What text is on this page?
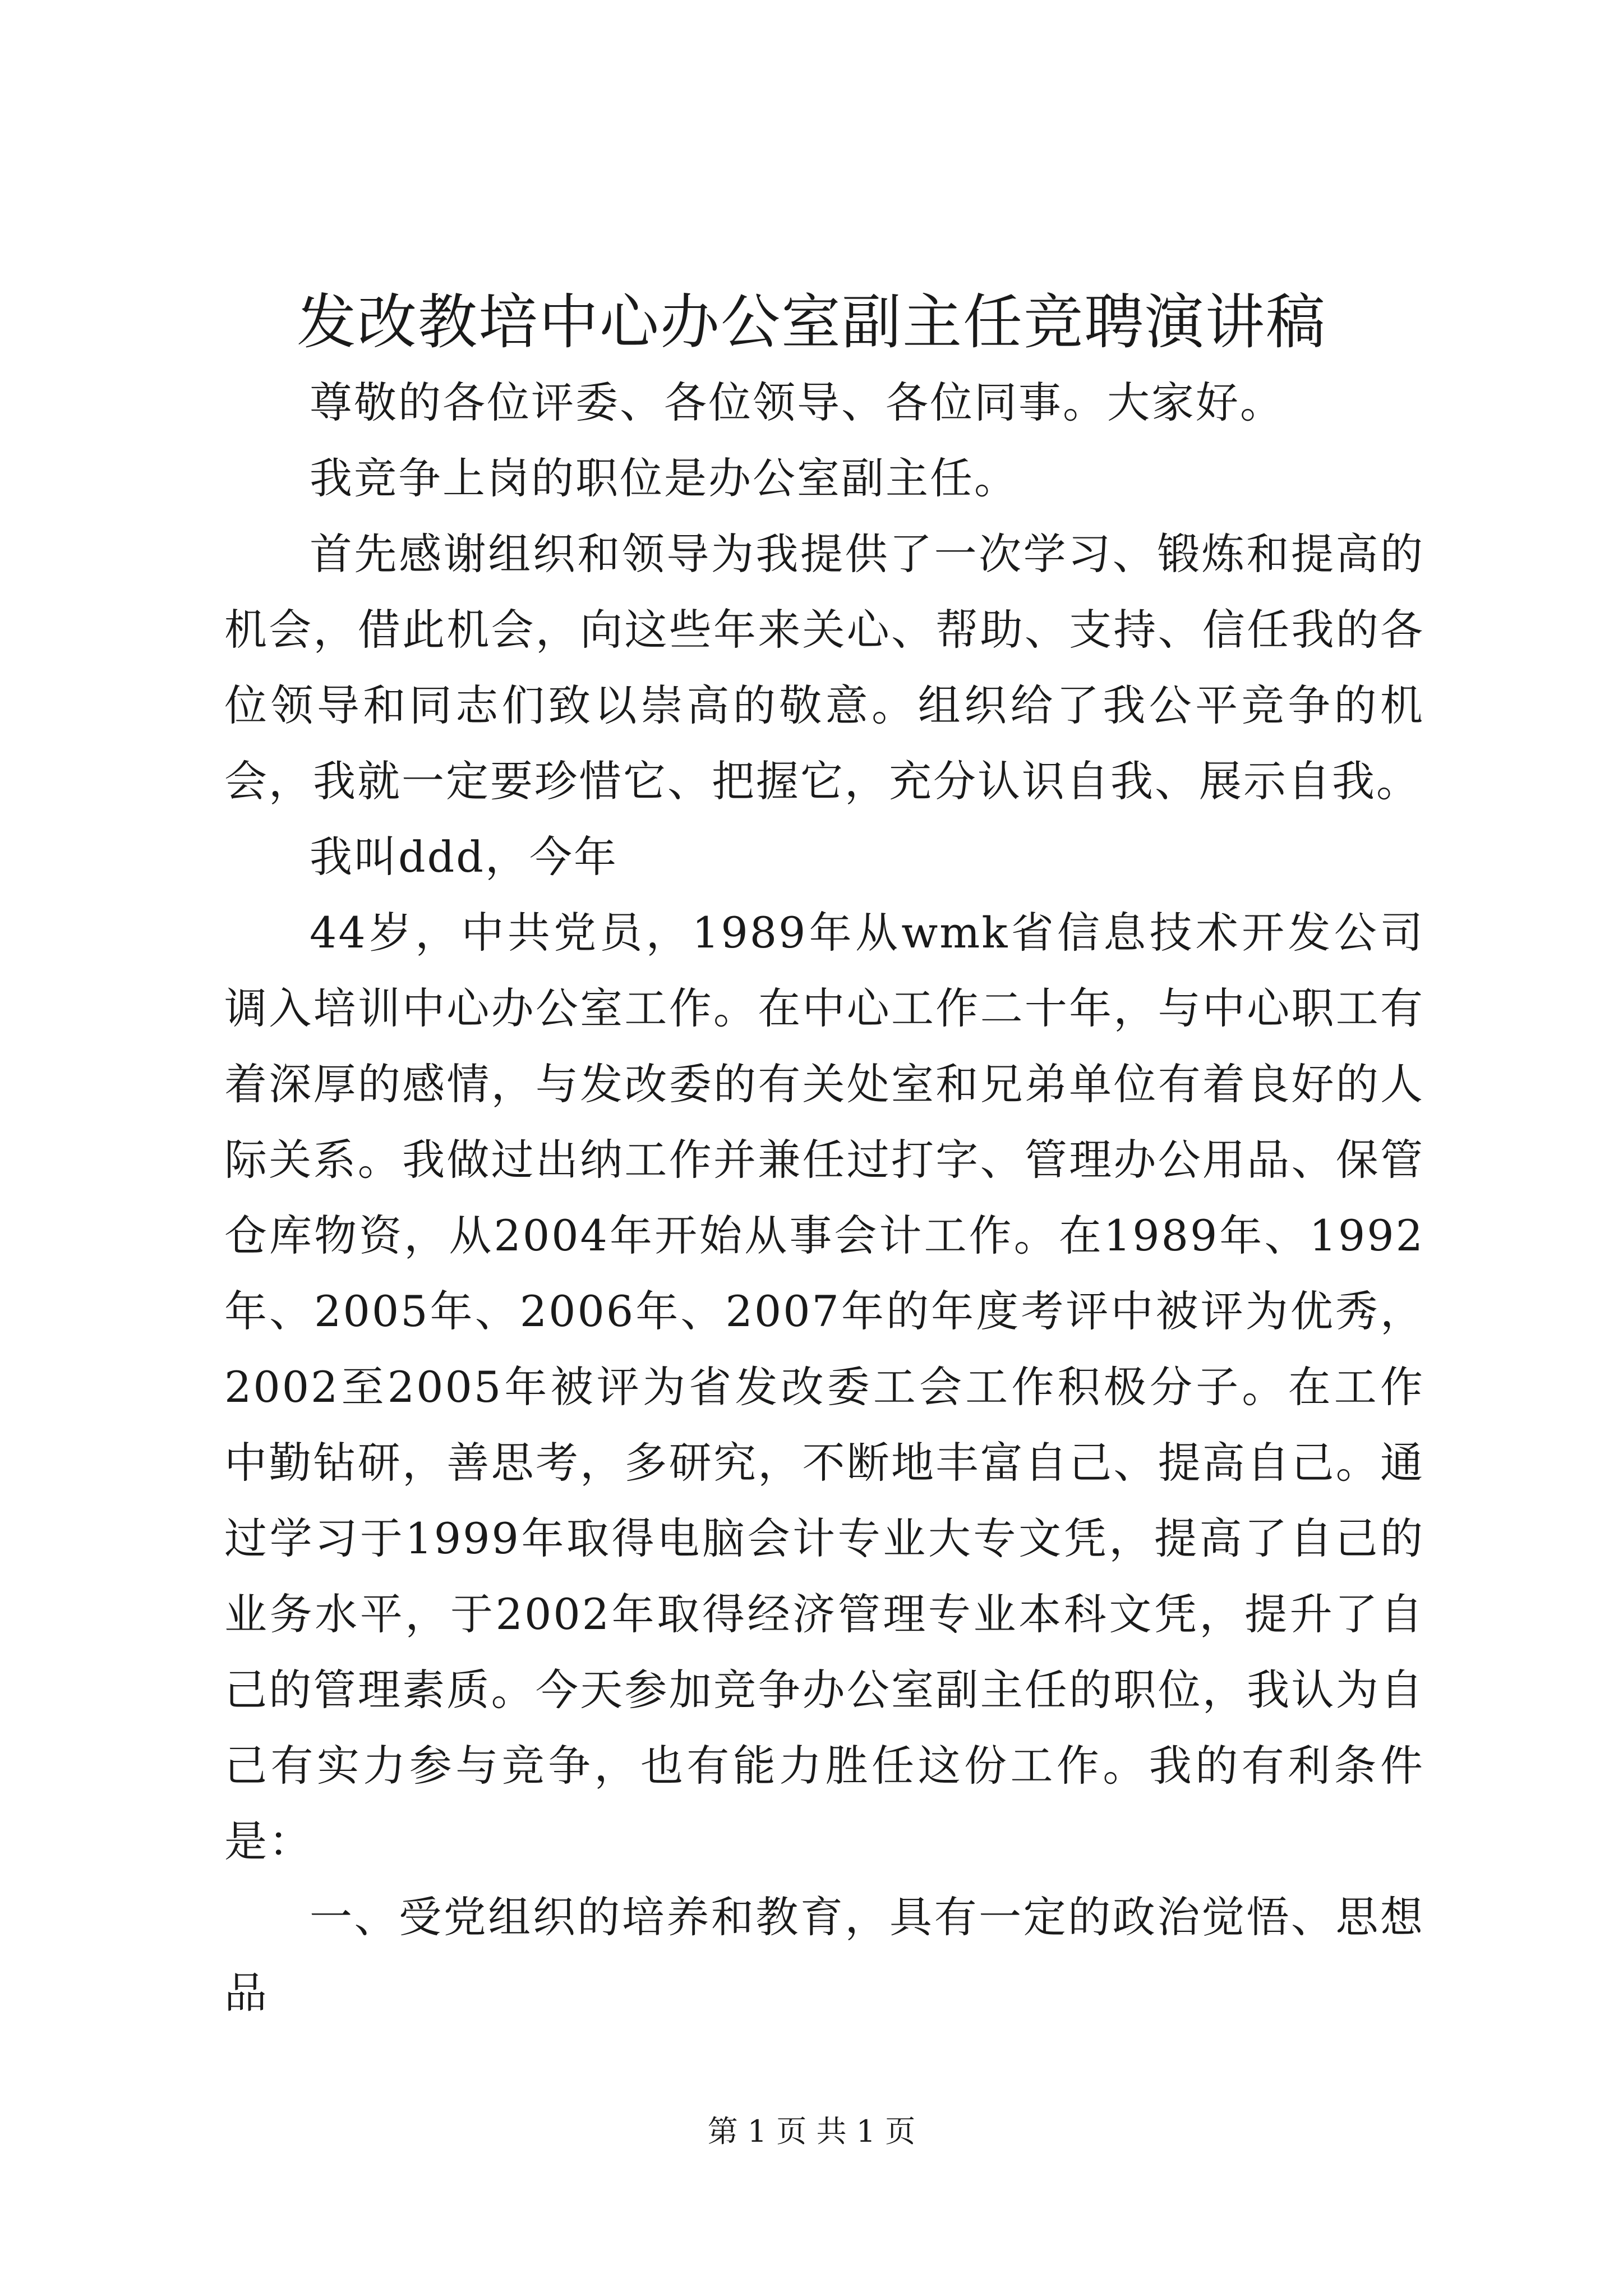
发改教培中心办公室副主任竞聘演讲稿

尊敬的各位评委、各位领导、各位同事。大家好。

我竞争上岗的职位是办公室副主任。

首先感谢组织和领导为我提供了一次学习、锻炼和提高的机会，借此机会，向这些年来关心、帮助、支持、信任我的各位领导和同志们致以崇高的敬意。组织给了我公平竞争的机会，我就一定要珍惜它、把握它，充分认识自我、展示自我。

我叫ddd，今年

44岁，中共党员，1989年从wmk省信息技术开发公司调入培训中心办公室工作。在中心工作二十年，与中心职工有着深厚的感情，与发改委的有关处室和兄弟单位有着良好的人际关系。我做过出纳工作并兼任过打字、管理办公用品、保管仓库物资，从2004年开始从事会计工作。在1989年、1992年、2005年、2006年、2007年的年度考评中被评为优秀，2002至2005年被评为省发改委工会工作积极分子。在工作中勤钻研，善思考，多研究，不断地丰富自己、提高自己。通过学习于1999年取得电脑会计专业大专文凭，提高了自己的业务水平，于2002年取得经济管理专业本科文凭，提升了自己的管理素质。今天参加竞争办公室副主任的职位，我认为自己有实力参与竞争，也有能力胜任这份工作。我的有利条件是：

一、受党组织的培养和教育，具有一定的政治觉悟、思想品

第 1 页 共 1 页
